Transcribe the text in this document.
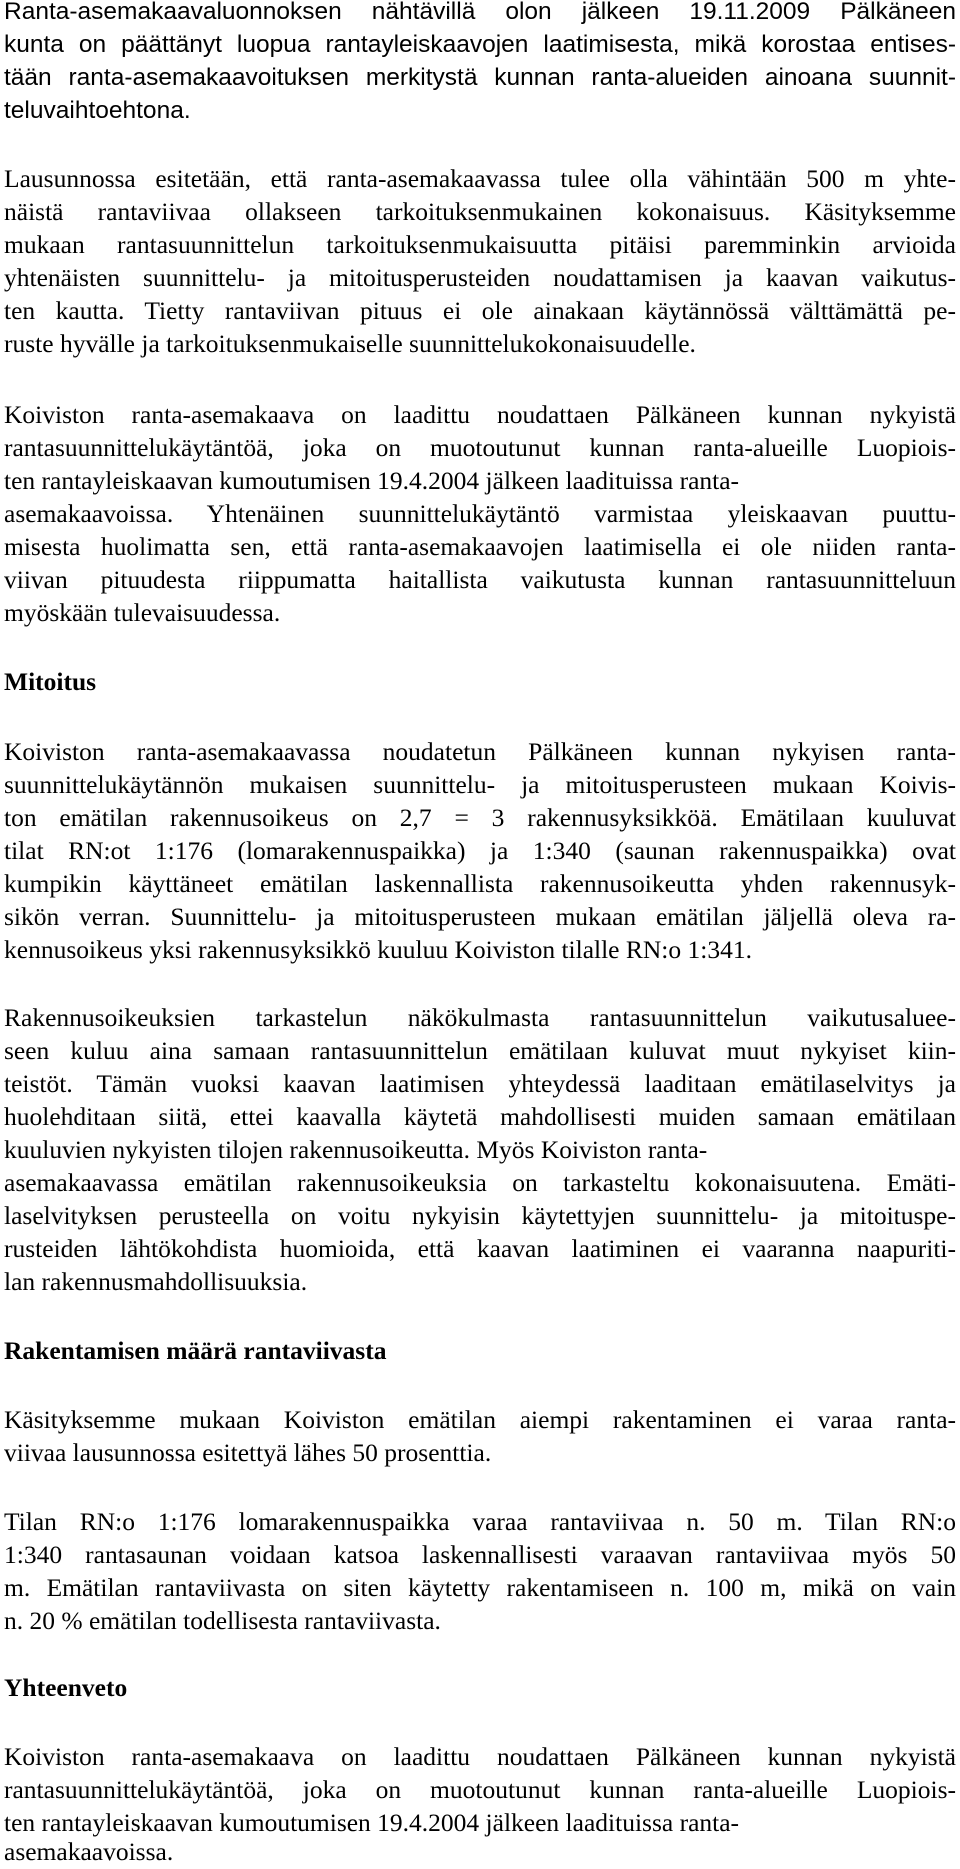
Ranta-asemakaavaluonnoksen nähtävillä olon jälkeen 19.11.2009 Pälkäneen
kunta on päättänyt luopua rantayleiskaavojen laatimisesta, mikä korostaa entises-
tään ranta-asemakaavoituksen merkitystä kunnan ranta-alueiden ainoana suunnit-
teluvaihtoehtona.
Lausunnossa esitetään, että ranta-asemakaavassa tulee olla vähintään 500 m yhte-
näistä rantaviivaa ollakseen tarkoituksenmukainen kokonaisuus. Käsityksemme
mukaan rantasuunnittelun tarkoituksenmukaisuutta pitäisi paremminkin arvioida
yhtenäisten suunnittelu- ja mitoitusperusteiden noudattamisen ja kaavan vaikutus-
ten kautta. Tietty rantaviivan pituus ei ole ainakaan käytännössä välttämättä pe-
ruste hyvälle ja tarkoituksenmukaiselle suunnittelukokonaisuudelle.
Koiviston ranta-asemakaava on laadittu noudattaen Pälkäneen kunnan nykyistä
rantasuunnittelukäytäntöä, joka on muotoutunut kunnan ranta-alueille Luopiois-
ten rantayleiskaavan kumoutumisen 19.4.2004 jälkeen laadituissa ranta-
asemakaavoissa. Yhtenäinen suunnittelukäytäntö varmistaa yleiskaavan puuttu-
misesta huolimatta sen, että ranta-asemakaavojen laatimisella ei ole niiden ranta-
viivan pituudesta riippumatta haitallista vaikutusta kunnan rantasuunnitteluun
myöskään tulevaisuudessa.
Mitoitus
Koiviston ranta-asemakaavassa noudatetun Pälkäneen kunnan nykyisen ranta-
suunnittelukäytännön mukaisen suunnittelu- ja mitoitusperusteen mukaan Koivis-
ton emätilan rakennusoikeus on 2,7 = 3 rakennusyksikköä. Emätilaan kuuluvat
tilat RN:ot 1:176 (lomarakennuspaikka) ja 1:340 (saunan rakennuspaikka) ovat
kumpikin käyttäneet emätilan laskennallista rakennusoikeutta yhden rakennusyk-
sikön verran. Suunnittelu- ja mitoitusperusteen mukaan emätilan jäljellä oleva ra-
kennusoikeus yksi rakennusyksikkö kuuluu Koiviston tilalle RN:o 1:341.
Rakennusoikeuksien tarkastelun näkökulmasta rantasuunnittelun vaikutusaluee-
seen kuluu aina samaan rantasuunnittelun emätilaan kuluvat muut nykyiset kiin-
teistöt. Tämän vuoksi kaavan laatimisen yhteydessä laaditaan emätilaselvitys ja
huolehditaan siitä, ettei kaavalla käytetä mahdollisesti muiden samaan emätilaan
kuuluvien nykyisten tilojen rakennusoikeutta. Myös Koiviston ranta-
asemakaavassa emätilan rakennusoikeuksia on tarkasteltu kokonaisuutena. Emäti-
laselvityksen perusteella on voitu nykyisin käytettyjen suunnittelu- ja mitoituspe-
rusteiden lähtökohdista huomioida, että kaavan laatiminen ei vaaranna naapuriti-
lan rakennusmahdollisuuksia.
Rakentamisen määrä rantaviivasta
Käsityksemme mukaan Koiviston emätilan aiempi rakentaminen ei varaa ranta-
viivaa lausunnossa esitettyä lähes 50 prosenttia.
Tilan RN:o 1:176 lomarakennuspaikka varaa rantaviivaa n. 50 m. Tilan RN:o
1:340 rantasaunan voidaan katsoa laskennallisesti varaavan rantaviivaa myös 50
m. Emätilan rantaviivasta on siten käytetty rakentamiseen n. 100 m, mikä on vain
n. 20 % emätilan todellisesta rantaviivasta.
Yhteenveto
Koiviston ranta-asemakaava on laadittu noudattaen Pälkäneen kunnan nykyistä
rantasuunnittelukäytäntöä, joka on muotoutunut kunnan ranta-alueille Luopiois-
ten rantayleiskaavan kumoutumisen 19.4.2004 jälkeen laadituissa ranta-
asemakaavoissa.
